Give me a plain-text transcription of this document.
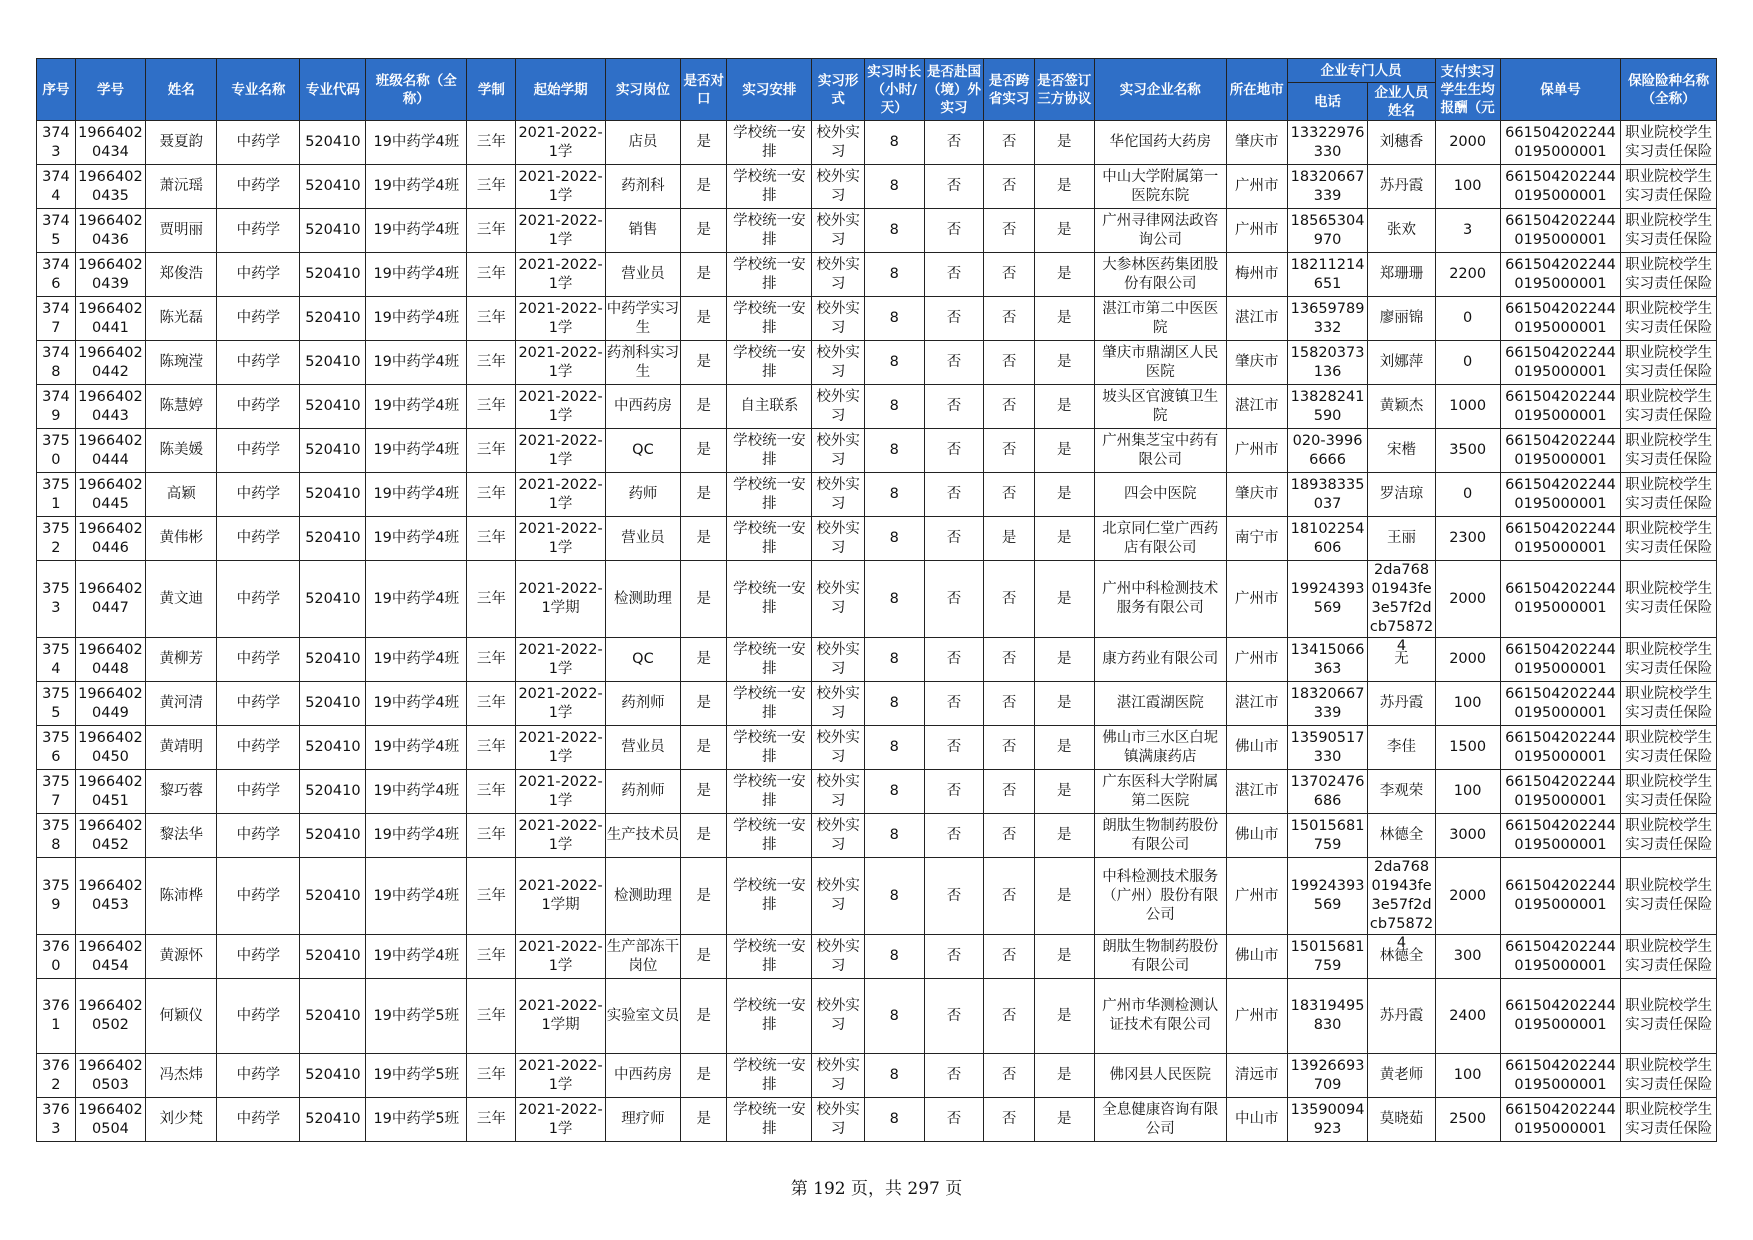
序号	学号	姓名	专业名称	专业代码	班级名称（全称）	学制	起始学期	实习岗位	是否对口	实习安排	实习形式	实习时长（小时/天）	是否赴国（境）外实习	是否跨省实习	是否签订三方协议	实习企业名称	所在地市	企业专门人员		支付实习学生生均报酬（元	保单号	保险险种名称（全称）
																		电话	企业人员姓名			

3743	19664020434	聂夏韵	中药学	520410	19中药学4班	三年	2021-2022-1学	店员	是	学校统一安排	校外实习	8	否	否	是	华佗国药大药房	肇庆市	13322976330	刘穗香	2000	6615042022440195000001	职业院校学生实习责任保险

3744	19664020435	萧沅瑶	中药学	520410	19中药学4班	三年	2021-2022-1学	药剂科	是	学校统一安排	校外实习	8	否	否	是	中山大学附属第一医院东院	广州市	18320667339	苏丹霞	100	6615042022440195000001	职业院校学生实习责任保险

3745	19664020436	贾明丽	中药学	520410	19中药学4班	三年	2021-2022-1学	销售	是	学校统一安排	校外实习	8	否	否	是	广州寻律网法政咨询公司	广州市	18565304970	张欢	3	6615042022440195000001	职业院校学生实习责任保险

3746	19664020439	郑俊浩	中药学	520410	19中药学4班	三年	2021-2022-1学	营业员	是	学校统一安排	校外实习	8	否	否	是	大参林医药集团股份有限公司	梅州市	18211214651	郑珊珊	2200	6615042022440195000001	职业院校学生实习责任保险

3747	19664020441	陈光磊	中药学	520410	19中药学4班	三年	2021-2022-1学	中药学实习生	是	学校统一安排	校外实习	8	否	否	是	湛江市第二中医医院	湛江市	13659789332	廖丽锦	0	6615042022440195000001	职业院校学生实习责任保险

3748	19664020442	陈琬滢	中药学	520410	19中药学4班	三年	2021-2022-1学	药剂科实习生	是	学校统一安排	校外实习	8	否	否	是	肇庆市鼎湖区人民医院	肇庆市	15820373136	刘娜萍	0	6615042022440195000001	职业院校学生实习责任保险

3749	19664020443	陈慧婷	中药学	520410	19中药学4班	三年	2021-2022-1学	中西药房	是	自主联系	校外实习	8	否	否	是	坡头区官渡镇卫生院	湛江市	13828241590	黄颖杰	1000	6615042022440195000001	职业院校学生实习责任保险

3750	19664020444	陈美媛	中药学	520410	19中药学4班	三年	2021-2022-1学	QC	是	学校统一安排	校外实习	8	否	否	是	广州集芝宝中药有限公司	广州市	020-39966666	宋楷	3500	6615042022440195000001	职业院校学生实习责任保险

3751	19664020445	高颖	中药学	520410	19中药学4班	三年	2021-2022-1学	药师	是	学校统一安排	校外实习	8	否	否	是	四会中医院	肇庆市	18938335037	罗洁琼	0	6615042022440195000001	职业院校学生实习责任保险

3752	19664020446	黄伟彬	中药学	520410	19中药学4班	三年	2021-2022-1学	营业员	是	学校统一安排	校外实习	8	否	是	是	北京同仁堂广西药店有限公司	南宁市	18102254606	王丽	2300	6615042022440195000001	职业院校学生实习责任保险

3753	19664020447	黄文迪	中药学	520410	19中药学4班	三年	2021-2022-1学期	检测助理	是	学校统一安排	校外实习	8	否	否	是	广州中科检测技术服务有限公司	广州市	19924393569	2da76801943fe3e57f2dcb758724	2000	6615042022440195000001	职业院校学生实习责任保险

3754	19664020448	黄柳芳	中药学	520410	19中药学4班	三年	2021-2022-1学	QC	是	学校统一安排	校外实习	8	否	否	是	康方药业有限公司	广州市	13415066363	无	2000	6615042022440195000001	职业院校学生实习责任保险

3755	19664020449	黄河清	中药学	520410	19中药学4班	三年	2021-2022-1学	药剂师	是	学校统一安排	校外实习	8	否	否	是	湛江霞湖医院	湛江市	18320667339	苏丹霞	100	6615042022440195000001	职业院校学生实习责任保险

3756	19664020450	黄靖明	中药学	520410	19中药学4班	三年	2021-2022-1学	营业员	是	学校统一安排	校外实习	8	否	否	是	佛山市三水区白坭镇满康药店	佛山市	13590517330	李佳	1500	6615042022440195000001	职业院校学生实习责任保险

3757	19664020451	黎巧蓉	中药学	520410	19中药学4班	三年	2021-2022-1学	药剂师	是	学校统一安排	校外实习	8	否	否	是	广东医科大学附属第二医院	湛江市	13702476686	李观荣	100	6615042022440195000001	职业院校学生实习责任保险

3758	19664020452	黎法华	中药学	520410	19中药学4班	三年	2021-2022-1学	生产技术员	是	学校统一安排	校外实习	8	否	否	是	朗肽生物制药股份有限公司	佛山市	15015681759	林德全	3000	6615042022440195000001	职业院校学生实习责任保险

3759	19664020453	陈沛桦	中药学	520410	19中药学4班	三年	2021-2022-1学期	检测助理	是	学校统一安排	校外实习	8	否	否	是	中科检测技术服务（广州）股份有限公司	广州市	19924393569	2da76801943fe3e57f2dcb758724	2000	6615042022440195000001	职业院校学生实习责任保险

3760	19664020454	黄源怀	中药学	520410	19中药学4班	三年	2021-2022-1学	生产部冻干岗位	是	学校统一安排	校外实习	8	否	否	是	朗肽生物制药股份有限公司	佛山市	15015681759	林德全	300	6615042022440195000001	职业院校学生实习责任保险

3761	19664020502	何颖仪	中药学	520410	19中药学5班	三年	2021-2022-1学期	实验室文员	是	学校统一安排	校外实习	8	否	否	是	广州市华测检测认证技术有限公司	广州市	18319495830	苏丹霞	2400	6615042022440195000001	职业院校学生实习责任保险

3762	19664020503	冯杰炜	中药学	520410	19中药学5班	三年	2021-2022-1学	中西药房	是	学校统一安排	校外实习	8	否	否	是	佛冈县人民医院	清远市	13926693709	黄老师	100	6615042022440195000001	职业院校学生实习责任保险

3763	19664020504	刘少梵	中药学	520410	19中药学5班	三年	2021-2022-1学	理疗师	是	学校统一安排	校外实习	8	否	否	是	全息健康咨询有限公司	中山市	13590094923	莫晓茹	2500	6615042022440195000001	职业院校学生实习责任保险
第 192 页，共 297 页
